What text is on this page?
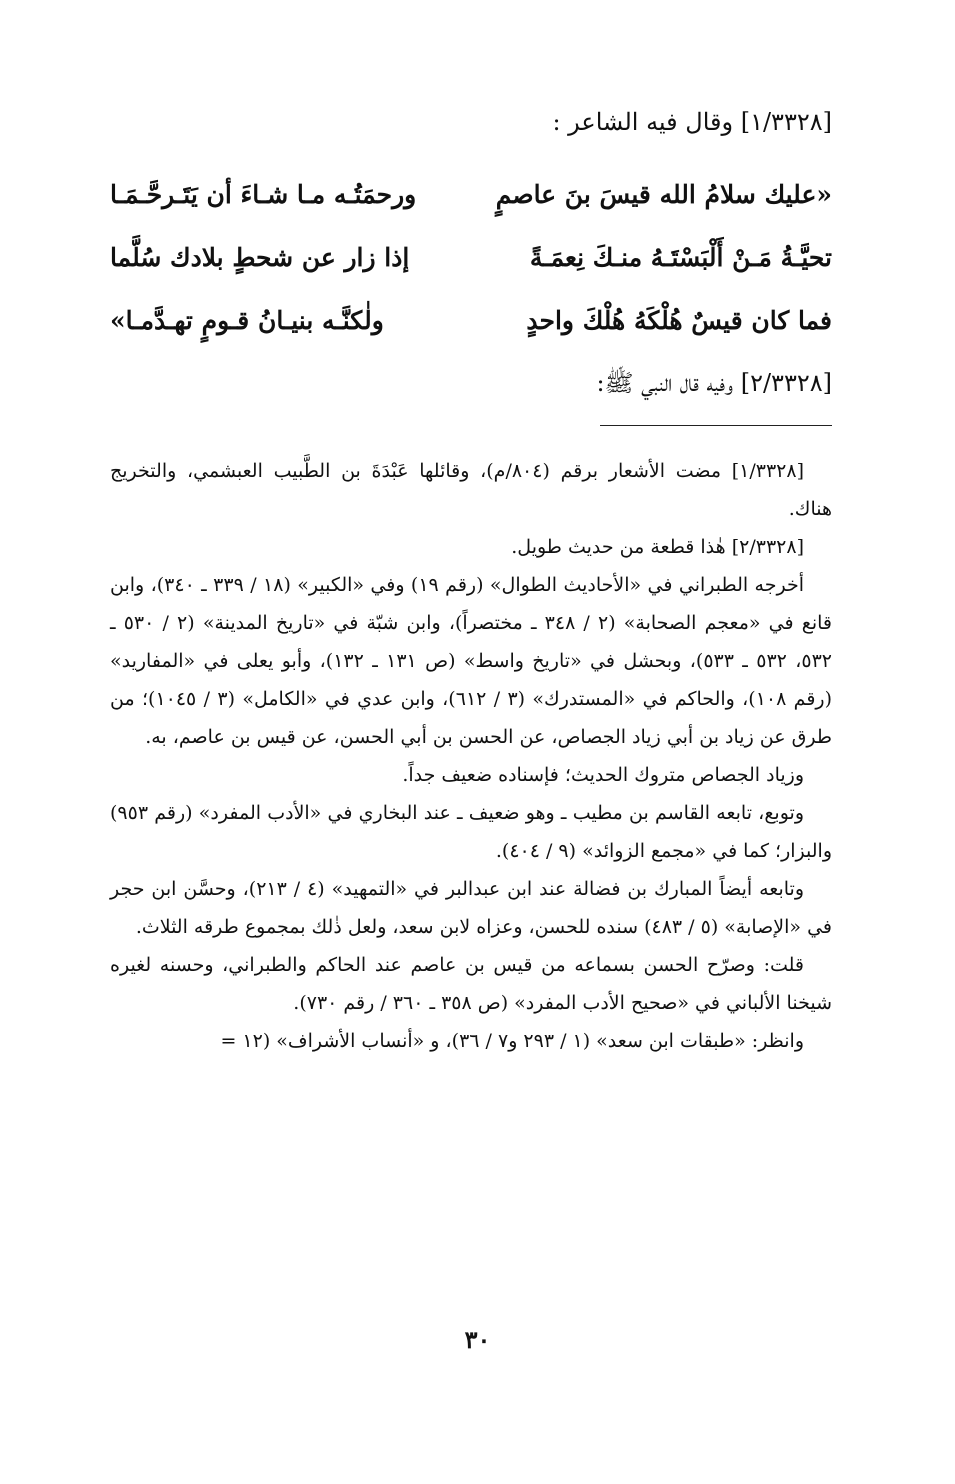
[١/٣٣٢٨] وقال فيه الشاعر :
«عليك سلامُ الله قيسَ بنَ عاصمٍ
ورحمَتُـه مـا شـاءَ أن يَتَـرحَّـمَـا
تحيَّـةُ مَـنْ أَلْبَسْتَـهُ منـكَ نِعمَـةً
إذا زار عن شحطٍ بلادك سُلَّما
فما كان قيسٌ هُلْكَهُ هُلْكَ واحدٍ
ولٰكنَّـه بنيـانُ قـومٍ تهـدَّمـا»
[٢/٣٣٢٨] وفيه قال النبي ﷺ:

[١/٣٣٢٨] مضت الأشعار برقم (٨٠٤/م)، وقائلها عَبْدَةَ بن الطَّبيب العبشمي، والتخريج هناك.

[٢/٣٣٢٨] هٰذا قطعة من حديث طويل.

أخرجه الطبراني في «الأحاديث الطوال» (رقم ١٩) وفي «الكبير» (١٨ / ٣٣٩ ـ ٣٤٠)، وابن قانع في «معجم الصحابة» (٢ / ٣٤٨ ـ مختصراً)، وابن شبّة في «تاريخ المدينة» (٢ / ٥٣٠ ـ ٥٣٢، ٥٣٢ ـ ٥٣٣)، وبحشل في «تاريخ واسط» (ص ١٣١ ـ ١٣٢)، وأبو يعلى في «المفاريد» (رقم ١٠٨)، والحاكم في «المستدرك» (٣ / ٦١٢)، وابن عدي في «الكامل» (٣ / ١٠٤٥)؛ من طرق عن زياد بن أبي زياد الجصاص، عن الحسن بن أبي الحسن، عن قيس بن عاصم، به.

وزياد الجصاص متروك الحديث؛ فإسناده ضعيف جداً.

وتوبع، تابعه القاسم بن مطيب ـ وهو ضعيف ـ عند البخاري في «الأدب المفرد» (رقم ٩٥٣) والبزار؛ كما في «مجمع الزوائد» (٩ / ٤٠٤).

وتابعه أيضاً المبارك بن فضالة عند ابن عبدالبر في «التمهيد» (٤ / ٢١٣)، وحسَّن ابن حجر في «الإصابة» (٥ / ٤٨٣) سنده للحسن، وعزاه لابن سعد، ولعل ذٰلك بمجموع طرقه الثلاث.

قلت: وصرّح الحسن بسماعه من قيس بن عاصم عند الحاكم والطبراني، وحسنه لغيره شيخنا الألباني في «صحيح الأدب المفرد» (ص ٣٥٨ ـ ٣٦٠ / رقم ٧٣٠).

وانظر: «طبقات ابن سعد» (١ / ٢٩٣ و٧ / ٣٦)، و «أنساب الأشراف» (١٢ =

٣٠
